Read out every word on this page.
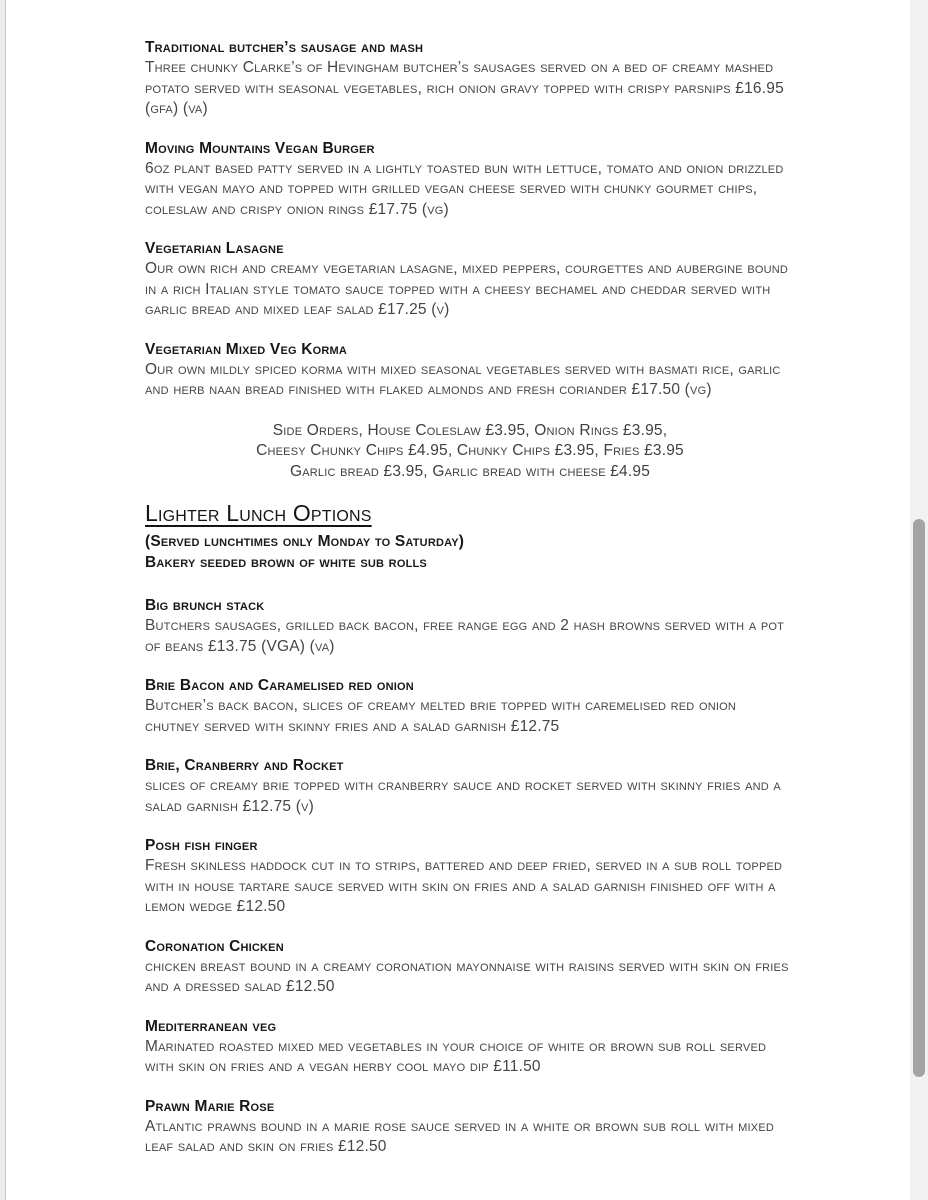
Traditional butcher’s sausage and mash
Three chunky Clarke’s of Hevingham butcher’s sausages served on a bed of creamy mashed potato served with seasonal vegetables, rich onion gravy topped with crispy parsnips £16.95 (gfa) (va)
Moving Mountains Vegan Burger
6oz plant based patty served in a lightly toasted bun with lettuce, tomato and onion drizzled with vegan mayo and topped with grilled vegan cheese served with chunky gourmet chips, coleslaw and crispy onion rings £17.75 (vg)
Vegetarian Lasagne
Our own rich and creamy vegetarian lasagne, mixed peppers, courgettes and aubergine bound in a rich Italian style tomato sauce topped with a cheesy bechamel and cheddar served with garlic bread and mixed leaf salad £17.25 (v)
Vegetarian Mixed Veg Korma
Our own mildly spiced korma with mixed seasonal vegetables served with basmati rice, garlic and herb naan bread finished with flaked almonds and fresh coriander £17.50 (vg)
Side Orders, House Coleslaw £3.95, Onion Rings £3.95,
Cheesy Chunky Chips £4.95, Chunky Chips £3.95, Fries £3.95
Garlic bread £3.95, Garlic bread with cheese £4.95
Lighter Lunch Options
(Served lunchtimes only Monday to Saturday)
Bakery seeded brown of white sub rolls
Big brunch stack
Butchers sausages, grilled back bacon, free range egg and 2 hash browns served with a pot of beans £13.75 (VGA) (va)
Brie Bacon and Caramelised red onion
Butcher’s back bacon, slices of creamy melted brie topped with caremelised red onion chutney served with skinny fries and a salad garnish £12.75
Brie, Cranberry and Rocket
slices of creamy brie topped with cranberry sauce and rocket served with skinny fries and a salad garnish £12.75 (v)
Posh fish finger
Fresh skinless haddock cut in to strips, battered and deep fried, served in a sub roll topped with in house tartare sauce served with skin on fries and a salad garnish finished off with a lemon wedge £12.50
Coronation Chicken
chicken breast bound in a creamy coronation mayonnaise with raisins served with skin on fries and a dressed salad £12.50
Mediterranean veg
Marinated roasted mixed med vegetables in your choice of white or brown sub roll served with skin on fries and a vegan herby cool mayo dip £11.50
Prawn Marie Rose
Atlantic prawns bound in a marie rose sauce served in a white or brown sub roll with mixed leaf salad and skin on fries £12.50
